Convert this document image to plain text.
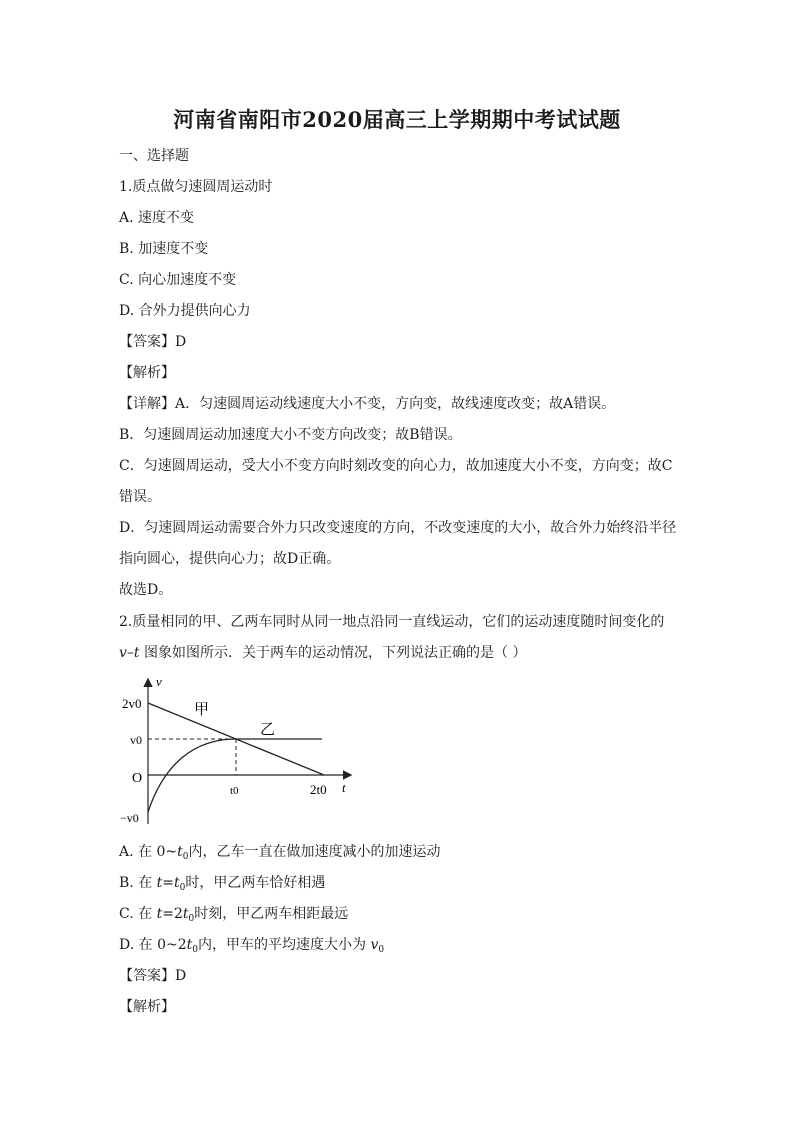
河南省南阳市2020届高三上学期期中考试试题
一、选择题
1.质点做匀速圆周运动时
A. 速度不变
B. 加速度不变
C. 向心加速度不变
D. 合外力提供向心力
【答案】D
【解析】
【详解】A．匀速圆周运动线速度大小不变，方向变，故线速度改变；故A错误。
B．匀速圆周运动加速度大小不变方向改变；故B错误。
C．匀速圆周运动，受大小不变方向时刻改变的向心力，故加速度大小不变，方向变；故C
错误。
D．匀速圆周运动需要合外力只改变速度的方向，不改变速度的大小，故合外力始终沿半径
指向圆心，提供向心力；故D正确。
故选D。
2.质量相同的甲、乙两车同时从同一地点沿同一直线运动，它们的运动速度随时间变化的
v–t 图象如图所示．关于两车的运动情况，下列说法正确的是（ ）
v
t
2v0
v0
−v0
O
t0	2t0
甲
乙
A. 在 $0\sim t_0$内，乙车一直在做加速度减小的加速运动
B. 在 $t=t_0$时，甲乙两车恰好相遇
C. 在 $t=2t_0$时刻，甲乙两车相距最远
D. 在 $0\sim 2t_0$内，甲车的平均速度大小为 $v_0$
【答案】D
【解析】
